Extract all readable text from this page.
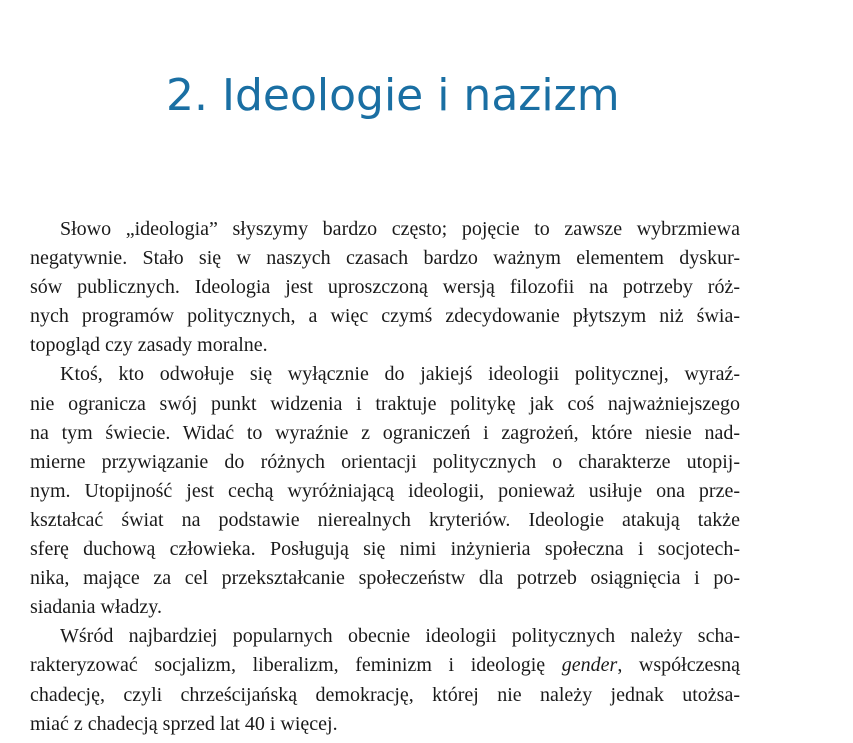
2. Ideologie i nazizm
Słowo „ideologia” słyszymy bardzo często; pojęcie to zawsze wybrzmiewa
negatywnie. Stało się w naszych czasach bardzo ważnym elementem dyskur-
sów publicznych. Ideologia jest uproszczoną wersją filozofii na potrzeby róż-
nych programów politycznych, a więc czymś zdecydowanie płytszym niż świa-
topogląd czy zasady moralne.
Ktoś, kto odwołuje się wyłącznie do jakiejś ideologii politycznej, wyraź-
nie ogranicza swój punkt widzenia i traktuje politykę jak coś najważniejszego
na tym świecie. Widać to wyraźnie z ograniczeń i zagrożeń, które niesie nad-
mierne przywiązanie do różnych orientacji politycznych o charakterze utopij-
nym. Utopijność jest cechą wyróżniającą ideologii, ponieważ usiłuje ona prze-
kształcać świat na podstawie nierealnych kryteriów. Ideologie atakują także
sferę duchową człowieka. Posługują się nimi inżynieria społeczna i socjotech-
nika, mające za cel przekształcanie społeczeństw dla potrzeb osiągnięcia i po-
siadania władzy.
Wśród najbardziej popularnych obecnie ideologii politycznych należy scha-
rakteryzować socjalizm, liberalizm, feminizm i ideologię gender, współczesną
chadecję, czyli chrześcijańską demokrację, której nie należy jednak utożsa-
miać z chadecją sprzed lat 40 i więcej.
